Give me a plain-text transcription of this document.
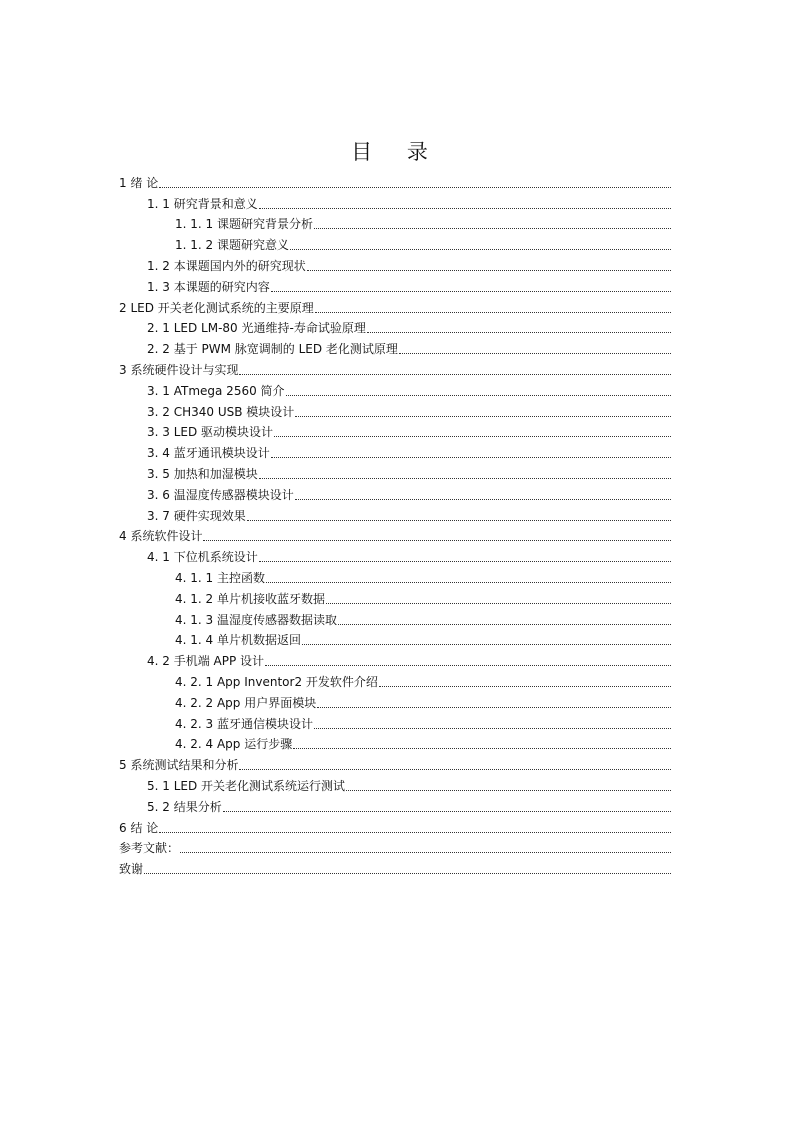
目 录
1 绪 论
1. 1 研究背景和意义
1. 1. 1 课题研究背景分析
1. 1. 2 课题研究意义
1. 2 本课题国内外的研究现状
1. 3 本课题的研究内容
2 LED 开关老化测试系统的主要原理
2. 1 LED LM-80 光通维持-寿命试验原理
2. 2 基于 PWM 脉宽调制的 LED 老化测试原理
3 系统硬件设计与实现
3. 1 ATmega 2560 简介
3. 2 CH340 USB 模块设计
3. 3 LED 驱动模块设计
3. 4 蓝牙通讯模块设计
3. 5 加热和加湿模块
3. 6 温湿度传感器模块设计
3. 7 硬件实现效果
4 系统软件设计
4. 1 下位机系统设计
4. 1. 1 主控函数
4. 1. 2 单片机接收蓝牙数据
4. 1. 3 温湿度传感器数据读取
4. 1. 4 单片机数据返回
4. 2 手机端 APP 设计
4. 2. 1 App Inventor2 开发软件介绍
4. 2. 2 App 用户界面模块
4. 2. 3 蓝牙通信模块设计
4. 2. 4 App 运行步骤
5 系统测试结果和分析
5. 1 LED 开关老化测试系统运行测试
5. 2 结果分析
6 结 论
参考文献：
致谢
